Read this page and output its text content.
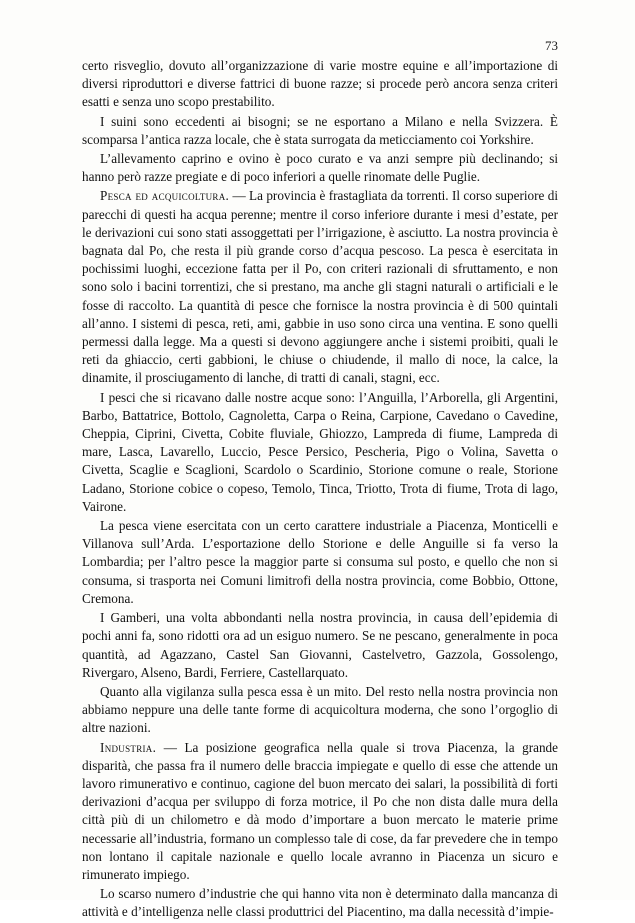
73

certo risveglio, dovuto all’organizzazione di varie mostre equine e all’importazione di diversi riproduttori e diverse fattrici di buone razze; si procede però ancora senza criteri esatti e senza uno scopo prestabilito.

I suini sono eccedenti ai bisogni; se ne esportano a Milano e nella Svizzera. È scomparsa l’antica razza locale, che è stata surrogata da meticciamento coi Yorkshire.

L’allevamento caprino e ovino è poco curato e va anzi sempre più declinando; si hanno però razze pregiate e di poco inferiori a quelle rinomate delle Puglie.

Pesca ed acquicoltura. — La provincia è frastagliata da torrenti. Il corso superiore di parecchi di questi ha acqua perenne; mentre il corso inferiore durante i mesi d’estate, per le derivazioni cui sono stati assoggettati per l’irrigazione, è asciutto. La nostra provincia è bagnata dal Po, che resta il più grande corso d’acqua pescoso. La pesca è esercitata in pochissimi luoghi, eccezione fatta per il Po, con criteri razionali di sfruttamento, e non sono solo i bacini torrentizi, che si prestano, ma anche gli stagni naturali o artificiali e le fosse di raccolto. La quantità di pesce che fornisce la nostra provincia è di 500 quintali all’anno. I sistemi di pesca, reti, ami, gabbie in uso sono circa una ventina. E sono quelli permessi dalla legge. Ma a questi si devono aggiungere anche i sistemi proibiti, quali le reti da ghiaccio, certi gabbioni, le chiuse o chiudende, il mallo di noce, la calce, la dinamite, il prosciugamento di lanche, di tratti di canali, stagni, ecc.

I pesci che si ricavano dalle nostre acque sono: l’Anguilla, l’Arborella, gli Argentini, Barbo, Battatrice, Bottolo, Cagnoletta, Carpa o Reina, Carpione, Cavedano o Cavedine, Cheppia, Ciprini, Civetta, Cobite fluviale, Ghiozzo, Lampreda di fiume, Lampreda di mare, Lasca, Lavarello, Luccio, Pesce Persico, Pescheria, Pigo o Volina, Savetta o Civetta, Scaglie e Scaglioni, Scardolo o Scardinio, Storione comune o reale, Storione Ladano, Storione cobice o copeso, Temolo, Tinca, Triotto, Trota di fiume, Trota di lago, Vairone.

La pesca viene esercitata con un certo carattere industriale a Piacenza, Monticelli e Villanova sull’Arda. L’esportazione dello Storione e delle Anguille si fa verso la Lombardia; per l’altro pesce la maggior parte si consuma sul posto, e quello che non si consuma, si trasporta nei Comuni limitrofi della nostra provincia, come Bobbio, Ottone, Cremona.

I Gamberi, una volta abbondanti nella nostra provincia, in causa dell’epidemia di pochi anni fa, sono ridotti ora ad un esiguo numero. Se ne pescano, generalmente in poca quantità, ad Agazzano, Castel San Giovanni, Castelvetro, Gazzola, Gossolengo, Rivergaro, Alseno, Bardi, Ferriere, Castellarquato.

Quanto alla vigilanza sulla pesca essa è un mito. Del resto nella nostra provincia non abbiamo neppure una delle tante forme di acquicoltura moderna, che sono l’orgoglio di altre nazioni.

Industria. — La posizione geografica nella quale si trova Piacenza, la grande disparità, che passa fra il numero delle braccia impiegate e quello di esse che attende un lavoro rimunerativo e continuo, cagione del buon mercato dei salari, la possibilità di forti derivazioni d’acqua per sviluppo di forza motrice, il Po che non dista dalle mura della città più di un chilometro e dà modo d’importare a buon mercato le materie prime necessarie all’industria, formano un complesso tale di cose, da far prevedere che in tempo non lontano il capitale nazionale e quello locale avranno in Piacenza un sicuro e rimunerato impiego.

Lo scarso numero d’industrie che qui hanno vita non è determinato dalla mancanza di attività e d’intelligenza nelle classi produttrici del Piacentino, ma dalla necessità d’impie-
